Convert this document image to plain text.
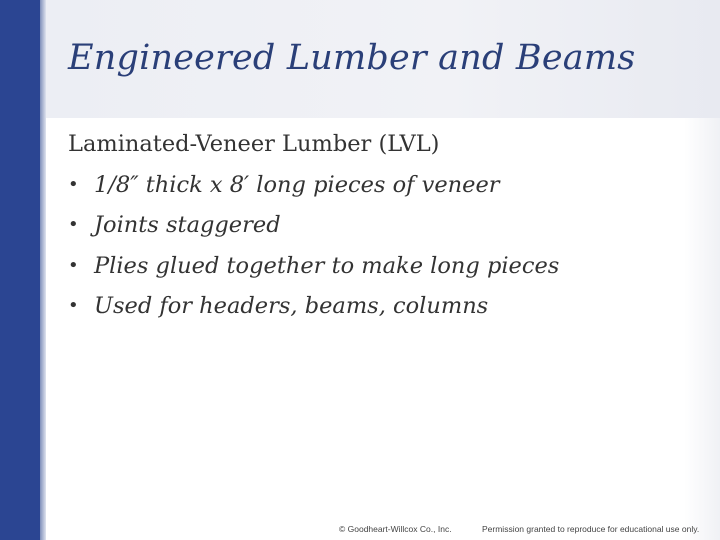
Engineered Lumber and Beams
Laminated-Veneer Lumber (LVL)
• 1/8″ thick x 8′ long pieces of veneer
• Joints staggered
• Plies glued together to make long pieces
• Used for headers, beams, columns
© Goodheart-Willcox Co., Inc.	Permission granted to reproduce for educational use only.
